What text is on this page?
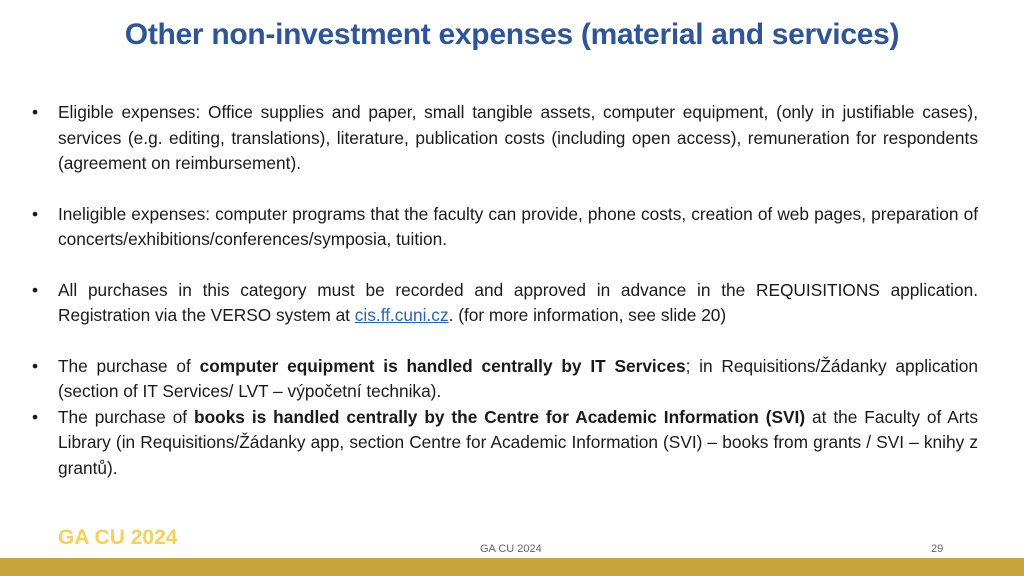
Other non-investment expenses (material and services)
• Eligible expenses: Office supplies and paper, small tangible assets, computer equipment, (only in justifiable cases), services (e.g. editing, translations), literature, publication costs (including open access), remuneration for respondents (agreement on reimbursement).
• Ineligible expenses: computer programs that the faculty can provide, phone costs, creation of web pages, preparation of concerts/exhibitions/conferences/symposia, tuition.
• All purchases in this category must be recorded and approved in advance in the REQUISITIONS application. Registration via the VERSO system at cis.ff.cuni.cz. (for more information, see slide 20)
• The purchase of computer equipment is handled centrally by IT Services; in Requisitions/Žádanky application (section of IT Services/ LVT – výpočetní technika).
• The purchase of books is handled centrally by the Centre for Academic Information (SVI) at the Faculty of Arts Library (in Requisitions/Žádanky app, section Centre for Academic Information (SVI) – books from grants / SVI – knihy z grantů).
GA CU 2024	GA CU 2024	29
